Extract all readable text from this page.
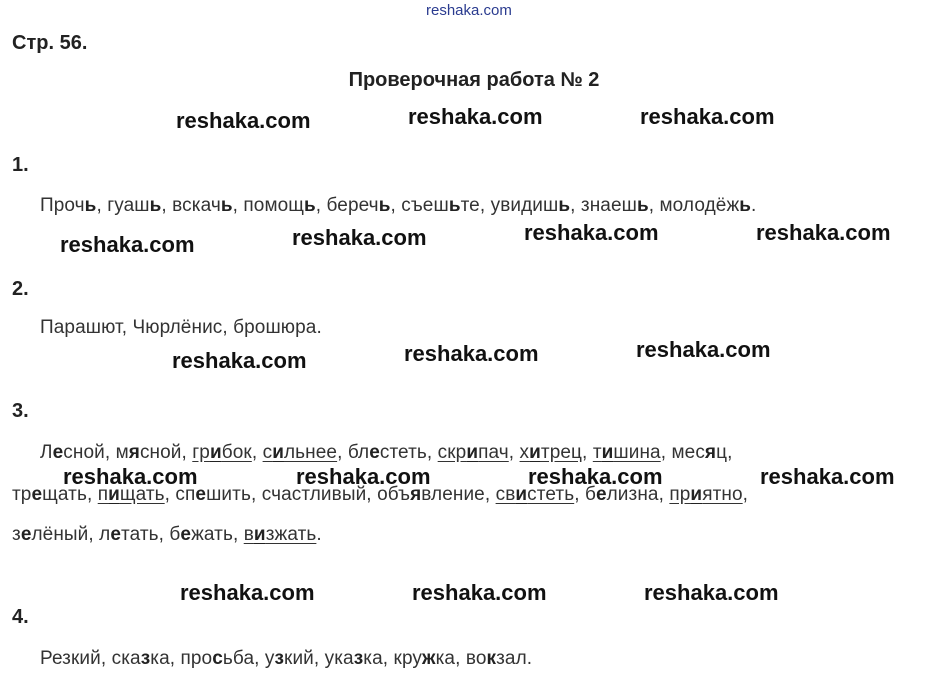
reshaka.com
Стр. 56.
Проверочная работа № 2
reshaka.com	reshaka.com	reshaka.com
1.
Прочь, гуашь, вскачь, помощь, беречь, съешьте, увидишь, знаешь, молодёжь.
reshaka.com	reshaka.com	reshaka.com	reshaka.com
2.
Парашют, Чюрлёнис, брошюра.
reshaka.com	reshaka.com	reshaka.com
3.
Лесной, мясной, грибок, сильнее, блестеть, скрипач, хитрец, тишина, месяц,
reshaka.com	reshaka.com	reshaka.com	reshaka.com
трещать, пищать, спешить, счастливый, объявление, свистеть, белизна, приятно,
зелёный, летать, бежать, визжать.
reshaka.com	reshaka.com	reshaka.com
4.
Резкий, сказка, просьба, узкий, указка, кружка, вокзал.
